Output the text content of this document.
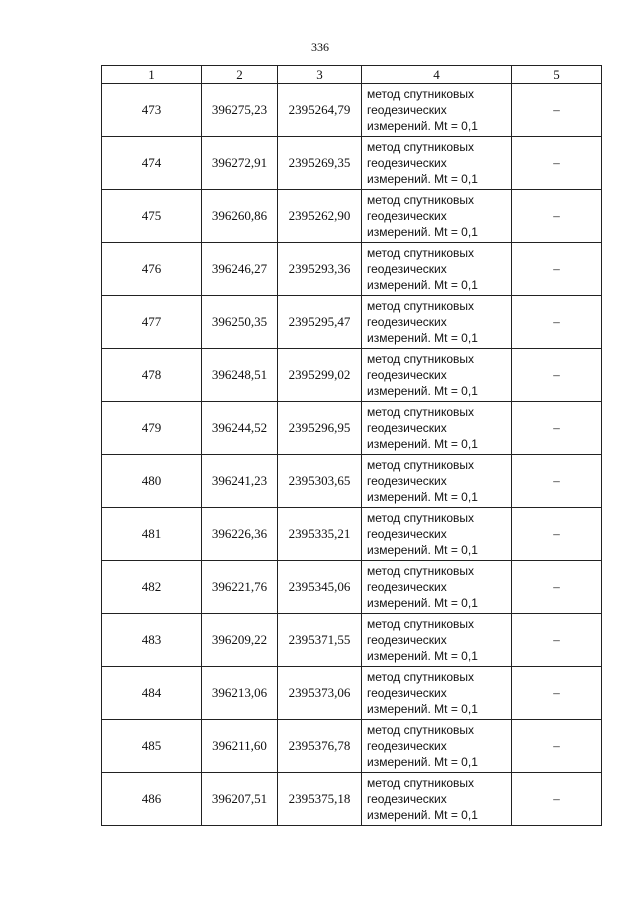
336
1	2	3	4	5
473	396275,23	2395264,79	метод спутниковых
геодезических
измерений. Mt = 0,1	–
474	396272,91	2395269,35	метод спутниковых
геодезических
измерений. Mt = 0,1	–
475	396260,86	2395262,90	метод спутниковых
геодезических
измерений. Mt = 0,1	–
476	396246,27	2395293,36	метод спутниковых
геодезических
измерений. Mt = 0,1	–
477	396250,35	2395295,47	метод спутниковых
геодезических
измерений. Mt = 0,1	–
478	396248,51	2395299,02	метод спутниковых
геодезических
измерений. Mt = 0,1	–
479	396244,52	2395296,95	метод спутниковых
геодезических
измерений. Mt = 0,1	–
480	396241,23	2395303,65	метод спутниковых
геодезических
измерений. Mt = 0,1	–
481	396226,36	2395335,21	метод спутниковых
геодезических
измерений. Mt = 0,1	–
482	396221,76	2395345,06	метод спутниковых
геодезических
измерений. Mt = 0,1	–
483	396209,22	2395371,55	метод спутниковых
геодезических
измерений. Mt = 0,1	–
484	396213,06	2395373,06	метод спутниковых
геодезических
измерений. Mt = 0,1	–
485	396211,60	2395376,78	метод спутниковых
геодезических
измерений. Mt = 0,1	–
486	396207,51	2395375,18	метод спутниковых
геодезических
измерений. Mt = 0,1	–
